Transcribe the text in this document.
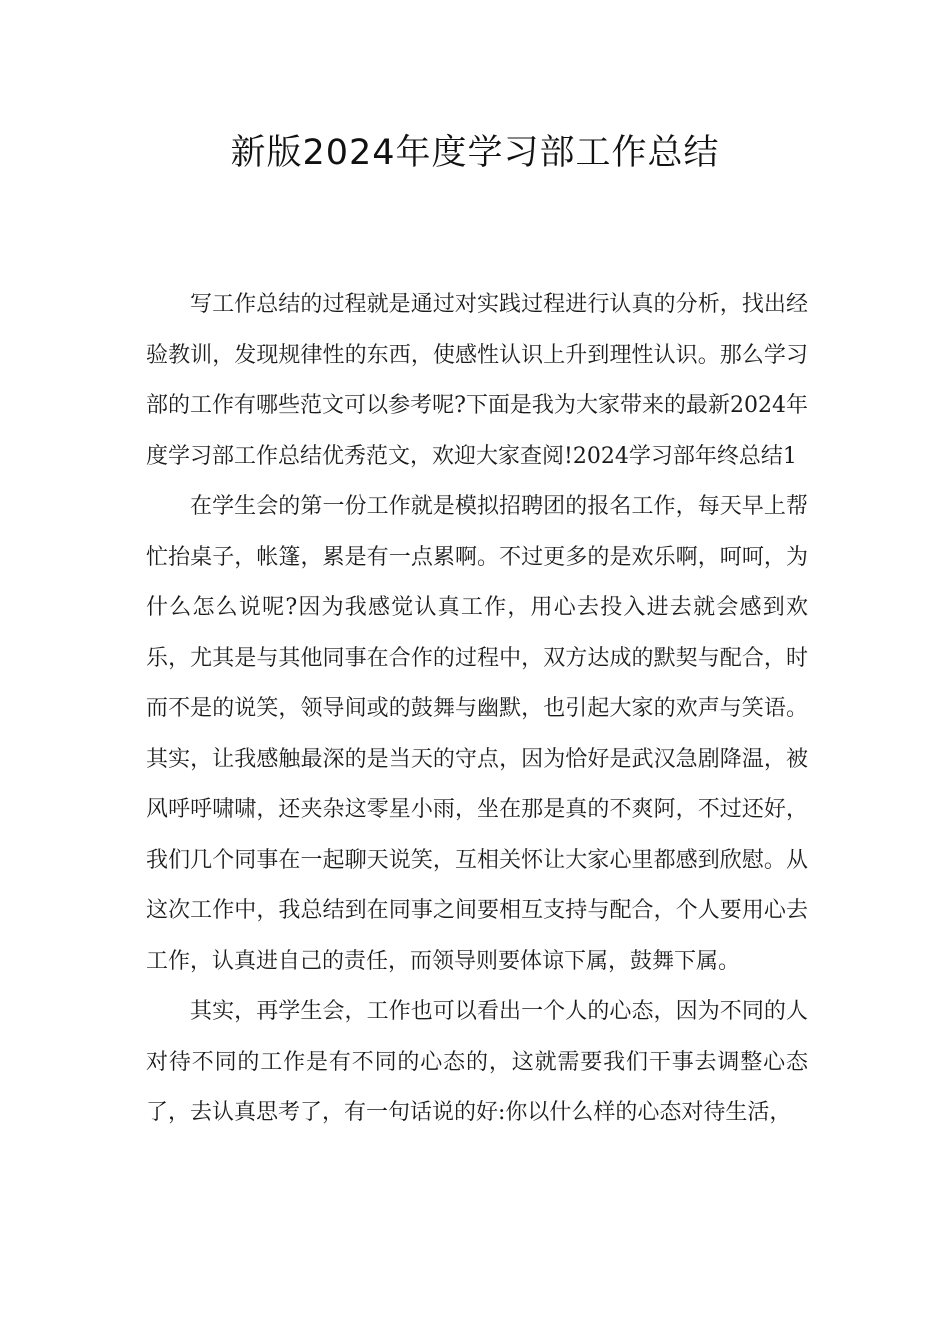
新版2024年度学习部工作总结

写工作总结的过程就是通过对实践过程进行认真的分析，找出经验教训，发现规律性的东西，使感性认识上升到理性认识。那么学习部的工作有哪些范文可以参考呢?下面是我为大家带来的最新2024年度学习部工作总结优秀范文，欢迎大家查阅!2024学习部年终总结1

在学生会的第一份工作就是模拟招聘团的报名工作，每天早上帮忙抬桌子，帐篷，累是有一点累啊。不过更多的是欢乐啊，呵呵，为什么怎么说呢?因为我感觉认真工作，用心去投入进去就会感到欢乐，尤其是与其他同事在合作的过程中，双方达成的默契与配合，时而不是的说笑，领导间或的鼓舞与幽默，也引起大家的欢声与笑语。其实，让我感触最深的是当天的守点，因为恰好是武汉急剧降温，被风呼呼啸啸，还夹杂这零星小雨，坐在那是真的不爽阿，不过还好，我们几个同事在一起聊天说笑，互相关怀让大家心里都感到欣慰。从这次工作中，我总结到在同事之间要相互支持与配合，个人要用心去工作，认真进自己的责任，而领导则要体谅下属，鼓舞下属。

其实，再学生会，工作也可以看出一个人的心态，因为不同的人对待不同的工作是有不同的心态的，这就需要我们干事去调整心态了，去认真思考了，有一句话说的好:你以什么样的心态对待生活，
